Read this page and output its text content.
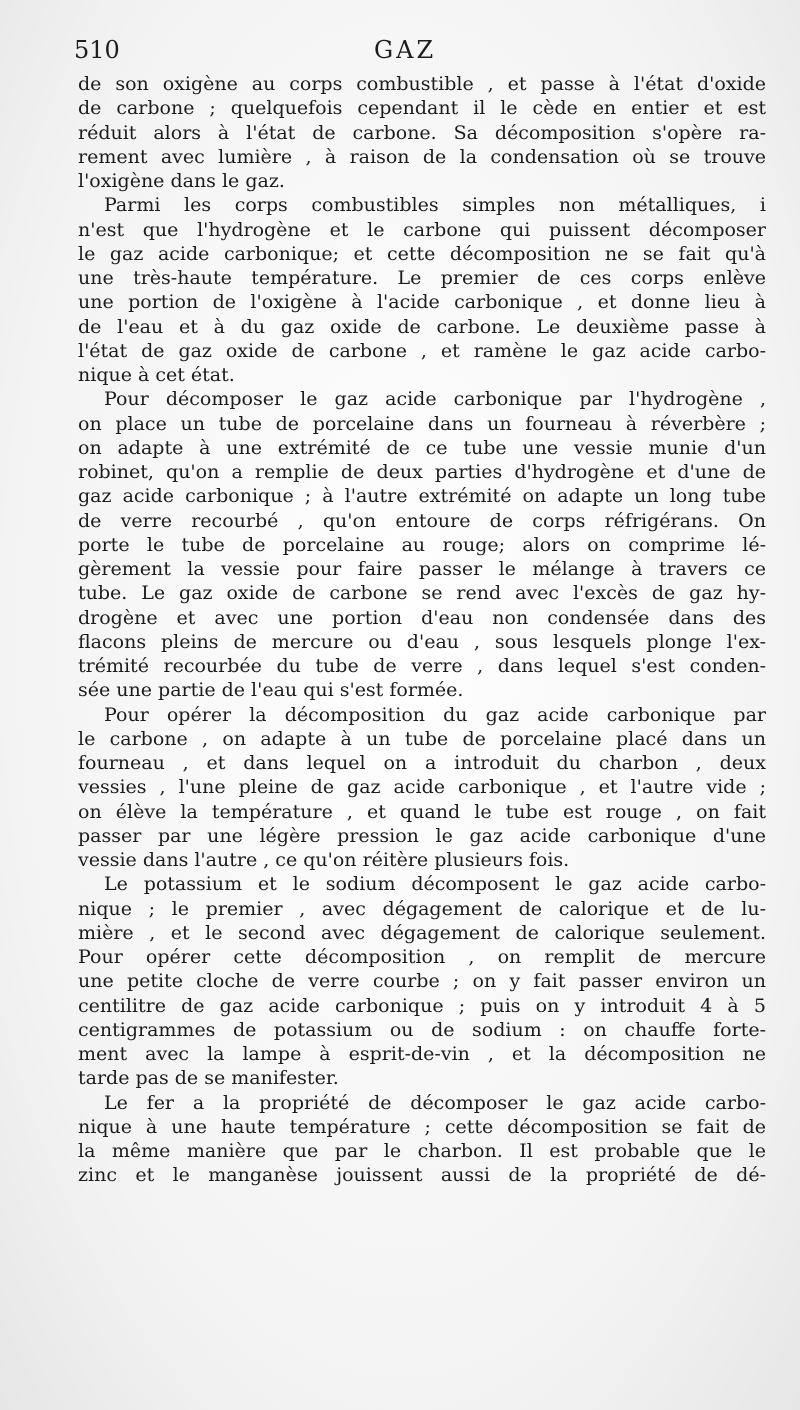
510	GAZ
de son oxigène au corps combustible , et passe à l'état d'oxide
de carbone ; quelquefois cependant il le cède en entier et est
réduit alors à l'état de carbone. Sa décomposition s'opère ra-
rement avec lumière , à raison de la condensation où se trouve
l'oxigène dans le gaz.
Parmi les corps combustibles simples non métalliques, i
n'est que l'hydrogène et le carbone qui puissent décomposer
le gaz acide carbonique; et cette décomposition ne se fait qu'à
une très-haute température. Le premier de ces corps enlève
une portion de l'oxigène à l'acide carbonique , et donne lieu à
de l'eau et à du gaz oxide de carbone. Le deuxième passe à
l'état de gaz oxide de carbone , et ramène le gaz acide carbo-
nique à cet état.
Pour décomposer le gaz acide carbonique par l'hydrogène ,
on place un tube de porcelaine dans un fourneau à réverbère ;
on adapte à une extrémité de ce tube une vessie munie d'un
robinet, qu'on a remplie de deux parties d'hydrogène et d'une de
gaz acide carbonique ; à l'autre extrémité on adapte un long tube
de verre recourbé , qu'on entoure de corps réfrigérans. On
porte le tube de porcelaine au rouge; alors on comprime lé-
gèrement la vessie pour faire passer le mélange à travers ce
tube. Le gaz oxide de carbone se rend avec l'excès de gaz hy-
drogène et avec une portion d'eau non condensée dans des
flacons pleins de mercure ou d'eau , sous lesquels plonge l'ex-
trémité recourbée du tube de verre , dans lequel s'est conden-
sée une partie de l'eau qui s'est formée.
Pour opérer la décomposition du gaz acide carbonique par
le carbone , on adapte à un tube de porcelaine placé dans un
fourneau , et dans lequel on a introduit du charbon , deux
vessies , l'une pleine de gaz acide carbonique , et l'autre vide ;
on élève la température , et quand le tube est rouge , on fait
passer par une légère pression le gaz acide carbonique d'une
vessie dans l'autre , ce qu'on réitère plusieurs fois.
Le potassium et le sodium décomposent le gaz acide carbo-
nique ; le premier , avec dégagement de calorique et de lu-
mière , et le second avec dégagement de calorique seulement.
Pour opérer cette décomposition , on remplit de mercure
une petite cloche de verre courbe ; on y fait passer environ un
centilitre de gaz acide carbonique ; puis on y introduit 4 à 5
centigrammes de potassium ou de sodium : on chauffe forte-
ment avec la lampe à esprit-de-vin , et la décomposition ne
tarde pas de se manifester.
Le fer a la propriété de décomposer le gaz acide carbo-
nique à une haute température ; cette décomposition se fait de
la même manière que par le charbon. Il est probable que le
zinc et le manganèse jouissent aussi de la propriété de dé-
